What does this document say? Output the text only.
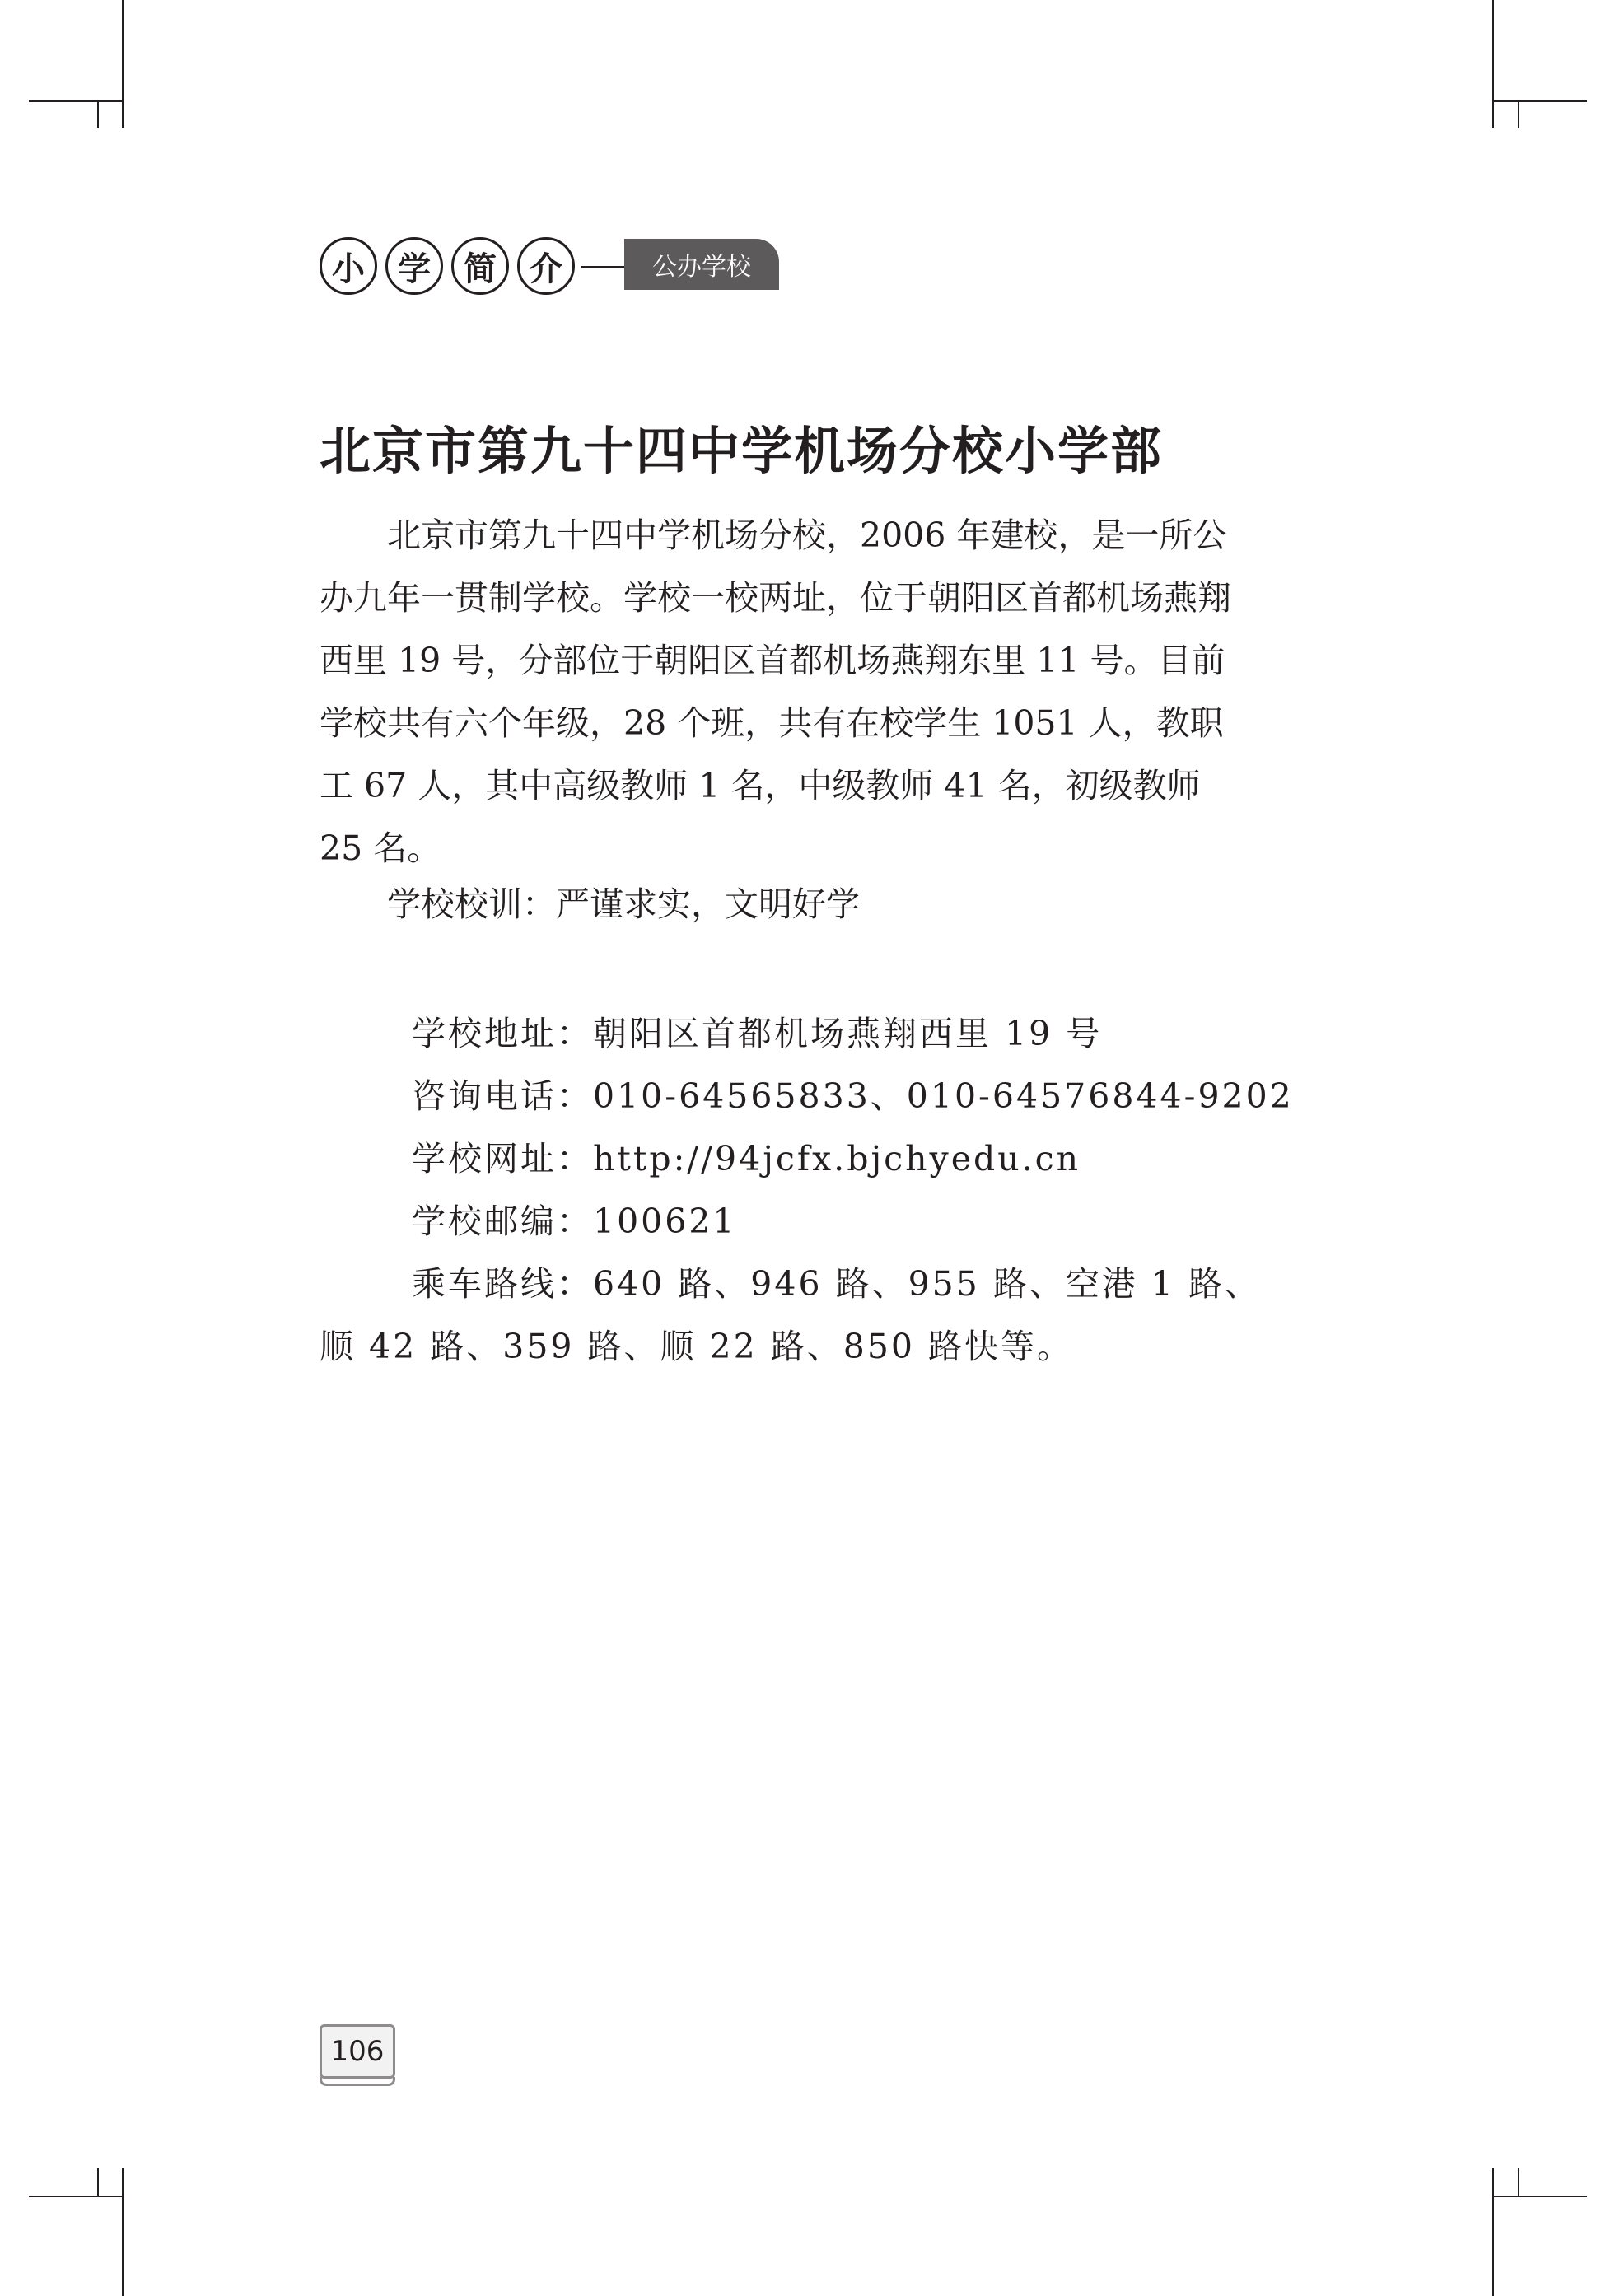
小	学	简	介	公办学校
北京市第九十四中学机场分校小学部

北京市第九十四中学机场分校，2006 年建校，是一所公办九年一贯制学校。学校一校两址，位于朝阳区首都机场燕翔西里 19 号，分部位于朝阳区首都机场燕翔东里 11 号。目前学校共有六个年级，28 个班，共有在校学生 1051 人，教职工 67 人，其中高级教师 1 名，中级教师 41 名，初级教师 25 名。

学校校训：严谨求实，文明好学

学校地址：朝阳区首都机场燕翔西里 19 号
咨询电话：010-64565833、010-64576844-9202
学校网址：http://94jcfx.bjchyedu.cn
学校邮编：100621
乘车路线：640 路、946 路、955 路、空港 1 路、
顺 42 路、359 路、顺 22 路、850 路快等。
106
